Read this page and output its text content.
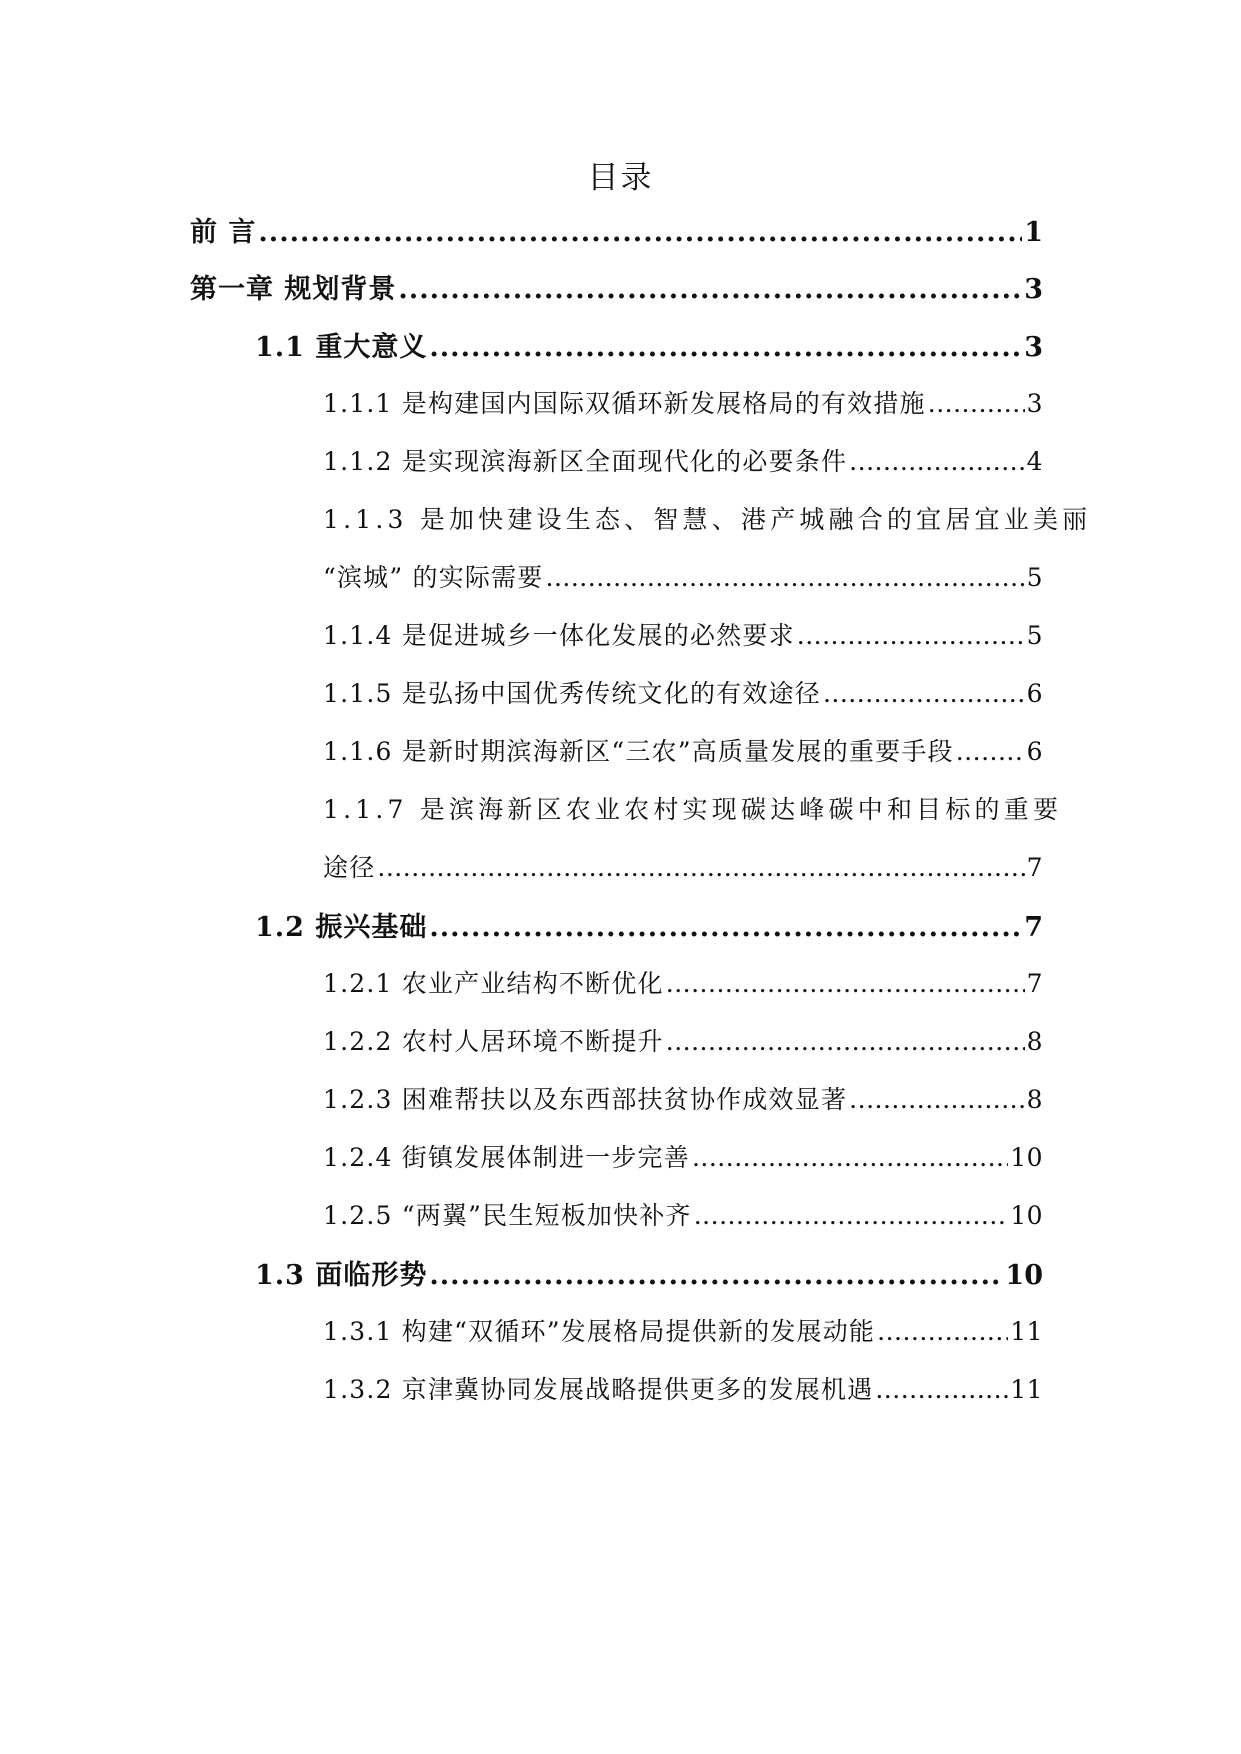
目录
前 言 .....	1
第一章 规划背景 .....	3
1.1 重大意义 .....	3
1.1.1 是构建国内国际双循环新发展格局的有效措施 .....	3
1.1.2 是实现滨海新区全面现代化的必要条件 .....	4
1.1.3 是加快建设生态、智慧、港产城融合的宜居宜业美丽
“滨城” 的实际需要 .....	5
1.1.4 是促进城乡一体化发展的必然要求 .....	5
1.1.5 是弘扬中国优秀传统文化的有效途径 .....	6
1.1.6 是新时期滨海新区“三农”高质量发展的重要手段 .....	6
1.1.7 是滨海新区农业农村实现碳达峰碳中和目标的重要
途径 .....	7
1.2 振兴基础 .....	7
1.2.1 农业产业结构不断优化 .....	7
1.2.2 农村人居环境不断提升 .....	8
1.2.3 困难帮扶以及东西部扶贫协作成效显著 .....	8
1.2.4 街镇发展体制进一步完善 .....	10
1.2.5 “两翼”民生短板加快补齐 .....	10
1.3 面临形势 .....	10
1.3.1 构建“双循环”发展格局提供新的发展动能 .....	11
1.3.2 京津冀协同发展战略提供更多的发展机遇 .....	11
